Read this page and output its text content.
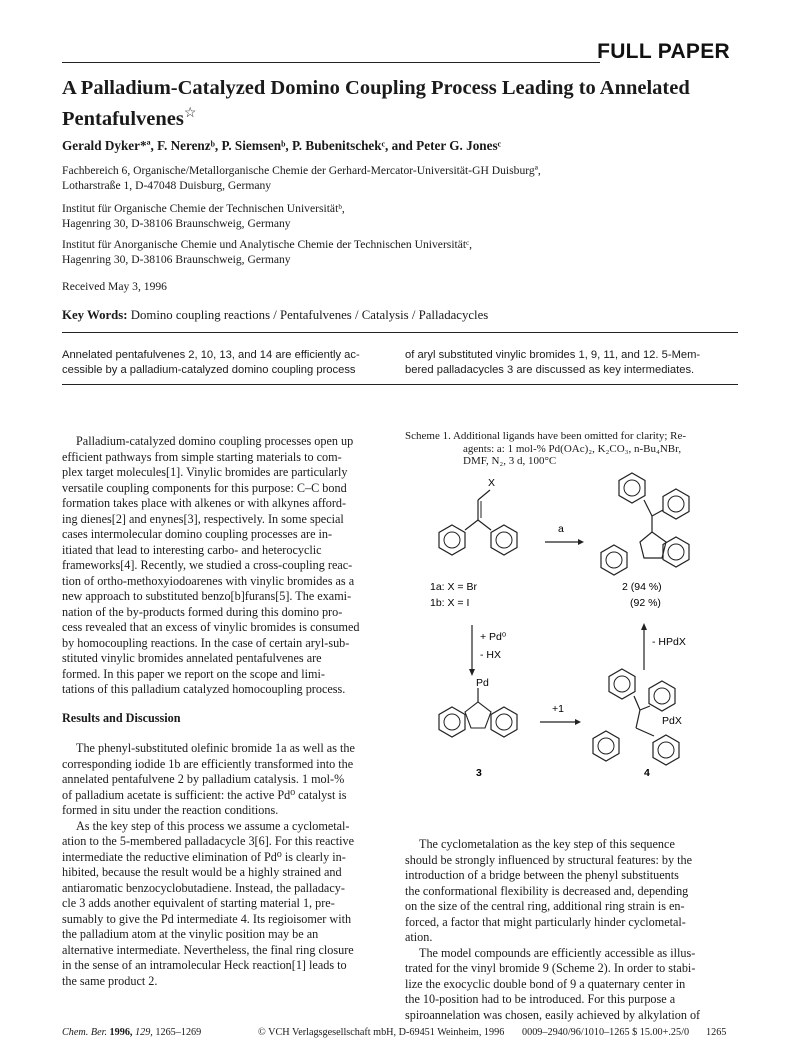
FULL PAPER
A Palladium-Catalyzed Domino Coupling Process Leading to Annelated
Pentafulvenes☆
Gerald Dyker*ª, F. Nerenzᵇ, P. Siemsenᵇ, P. Bubenitschekᶜ, and Peter G. Jonesᶜ
Fachbereich 6, Organische/Metallorganische Chemie der Gerhard-Mercator-Universität-GH Duisburgª,
Lotharstraße 1, D-47048 Duisburg, Germany
Institut für Organische Chemie der Technischen Universitätᵇ,
Hagenring 30, D-38106 Braunschweig, Germany
Institut für Anorganische Chemie und Analytische Chemie der Technischen Universitätᶜ,
Hagenring 30, D-38106 Braunschweig, Germany
Received May 3, 1996
Key Words: Domino coupling reactions / Pentafulvenes / Catalysis / Palladacycles
Annelated pentafulvenes 2, 10, 13, and 14 are efficiently ac-
cessible by a palladium-catalyzed domino coupling process
of aryl substituted vinylic bromides 1, 9, 11, and 12. 5-Mem-
bered palladacycles 3 are discussed as key intermediates.
Palladium-catalyzed domino coupling processes open up
efficient pathways from simple starting materials to com-
plex target molecules[1]. Vinylic bromides are particularly
versatile coupling components for this purpose: C–C bond
formation takes place with alkenes or with alkynes afford-
ing dienes[2] and enynes[3], respectively. In some special
cases intermolecular domino coupling processes are in-
itiated that lead to interesting carbo- and heterocyclic
frameworks[4]. Recently, we studied a cross-coupling reac-
tion of ortho-methoxyiodoarenes with vinylic bromides as a
new approach to substituted benzo[b]furans[5]. The exami-
nation of the by-products formed during this domino pro-
cess revealed that an excess of vinylic bromides is consumed
by homocoupling reactions. In the case of certain aryl-sub-
stituted vinylic bromides annelated pentafulvenes are
formed. In this paper we report on the scope and limi-
tations of this palladium catalyzed homocoupling process.
Results and Discussion
The phenyl-substituted olefinic bromide 1a as well as the
corresponding iodide 1b are efficiently transformed into the
annelated pentafulvene 2 by palladium catalysis. 1 mol-%
of palladium acetate is sufficient: the active Pd⁰ catalyst is
formed in situ under the reaction conditions.
As the key step of this process we assume a cyclometal-
ation to the 5-membered palladacycle 3[6]. For this reactive
intermediate the reductive elimination of Pd⁰ is clearly in-
hibited, because the result would be a highly strained and
antiaromatic benzocyclobutadiene. Instead, the palladacy-
cle 3 adds another equivalent of starting material 1, pre-
sumably to give the Pd intermediate 4. Its regioisomer with
the palladium atom at the vinylic position may be an
alternative intermediate. Nevertheless, the final ring closure
in the sense of an intramolecular Heck reaction[1] leads to
the same product 2.
Scheme 1. Additional ligands have been omitted for clarity; Re-
agents: a: 1 mol-% Pd(OAc)₂, K₂CO₃, n-Bu₄NBr,
DMF, N₂, 3 d, 100°C
X
a
1a: X = Br
1b: X = I
2 (94 %)
(92 %)
+ Pd⁰
- HX
- HPdX
Pd
+1
PdX
3	4
The cyclometalation as the key step of this sequence
should be strongly influenced by structural features: by the
introduction of a bridge between the phenyl substituents
the conformational flexibility is decreased and, depending
on the size of the central ring, additional ring strain is en-
forced, a factor that might particularly hinder cyclometal-
ation.
The model compounds are efficiently accessible as illus-
trated for the vinyl bromide 9 (Scheme 2). In order to stabi-
lize the exocyclic double bond of 9 a quaternary center in
the 10-position had to be introduced. For this purpose a
spiroannelation was chosen, easily achieved by alkylation of
Chem. Ber. 1996, 129, 1265–1269	© VCH Verlagsgesellschaft mbH, D-69451 Weinheim, 1996 0009–2940/96/1010–1265 $ 15.00+.25/0 1265
